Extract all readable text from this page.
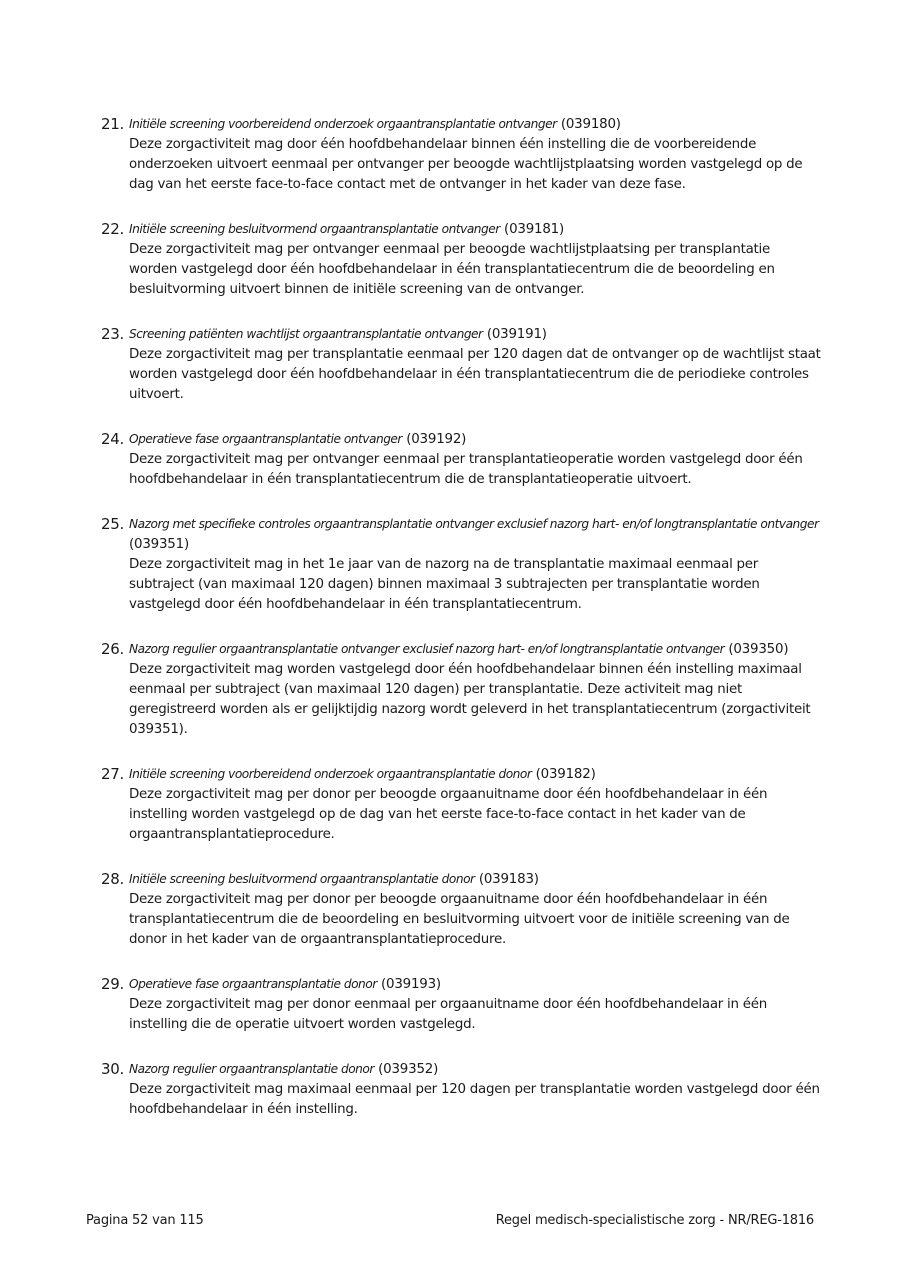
21. Initiële screening voorbereidend onderzoek orgaantransplantatie ontvanger (039180)
Deze zorgactiviteit mag door één hoofdbehandelaar binnen één instelling die de voorbereidende onderzoeken uitvoert eenmaal per ontvanger per beoogde wachtlijstplaatsing worden vastgelegd op de dag van het eerste face-to-face contact met de ontvanger in het kader van deze fase.
22. Initiële screening besluitvormend orgaantransplantatie ontvanger (039181)
Deze zorgactiviteit mag per ontvanger eenmaal per beoogde wachtlijstplaatsing per transplantatie worden vastgelegd door één hoofdbehandelaar in één transplantatiecentrum die de beoordeling en besluitvorming uitvoert binnen de initiële screening van de ontvanger.
23. Screening patiënten wachtlijst orgaantransplantatie ontvanger (039191)
Deze zorgactiviteit mag per transplantatie eenmaal per 120 dagen dat de ontvanger op de wachtlijst staat worden vastgelegd door één hoofdbehandelaar in één transplantatiecentrum die de periodieke controles uitvoert.
24. Operatieve fase orgaantransplantatie ontvanger (039192)
Deze zorgactiviteit mag per ontvanger eenmaal per transplantatieoperatie worden vastgelegd door één hoofdbehandelaar in één transplantatiecentrum die de transplantatieoperatie uitvoert.
25. Nazorg met specifieke controles orgaantransplantatie ontvanger exclusief nazorg hart- en/of longtransplantatie ontvanger (039351)
Deze zorgactiviteit mag in het 1e jaar van de nazorg na de transplantatie maximaal eenmaal per subtraject (van maximaal 120 dagen) binnen maximaal 3 subtrajecten per transplantatie worden vastgelegd door één hoofdbehandelaar in één transplantatiecentrum.
26. Nazorg regulier orgaantransplantatie ontvanger exclusief nazorg hart- en/of longtransplantatie ontvanger (039350)
Deze zorgactiviteit mag worden vastgelegd door één hoofdbehandelaar binnen één instelling maximaal eenmaal per subtraject (van maximaal 120 dagen) per transplantatie. Deze activiteit mag niet geregistreerd worden als er gelijktijdig nazorg wordt geleverd in het transplantatiecentrum (zorgactiviteit 039351).
27. Initiële screening voorbereidend onderzoek orgaantransplantatie donor (039182)
Deze zorgactiviteit mag per donor per beoogde orgaanuitname door één hoofdbehandelaar in één instelling worden vastgelegd op de dag van het eerste face-to-face contact in het kader van de orgaantransplantatieprocedure.
28. Initiële screening besluitvormend orgaantransplantatie donor (039183)
Deze zorgactiviteit mag per donor per beoogde orgaanuitname door één hoofdbehandelaar in één transplantatiecentrum die de beoordeling en besluitvorming uitvoert voor de initiële screening van de donor in het kader van de orgaantransplantatieprocedure.
29. Operatieve fase orgaantransplantatie donor (039193)
Deze zorgactiviteit mag per donor eenmaal per orgaanuitname door één hoofdbehandelaar in één instelling die de operatie uitvoert worden vastgelegd.
30. Nazorg regulier orgaantransplantatie donor (039352)
Deze zorgactiviteit mag maximaal eenmaal per 120 dagen per transplantatie worden vastgelegd door één hoofdbehandelaar in één instelling.
Pagina 52 van 115	Regel medisch-specialistische zorg - NR/REG-1816
